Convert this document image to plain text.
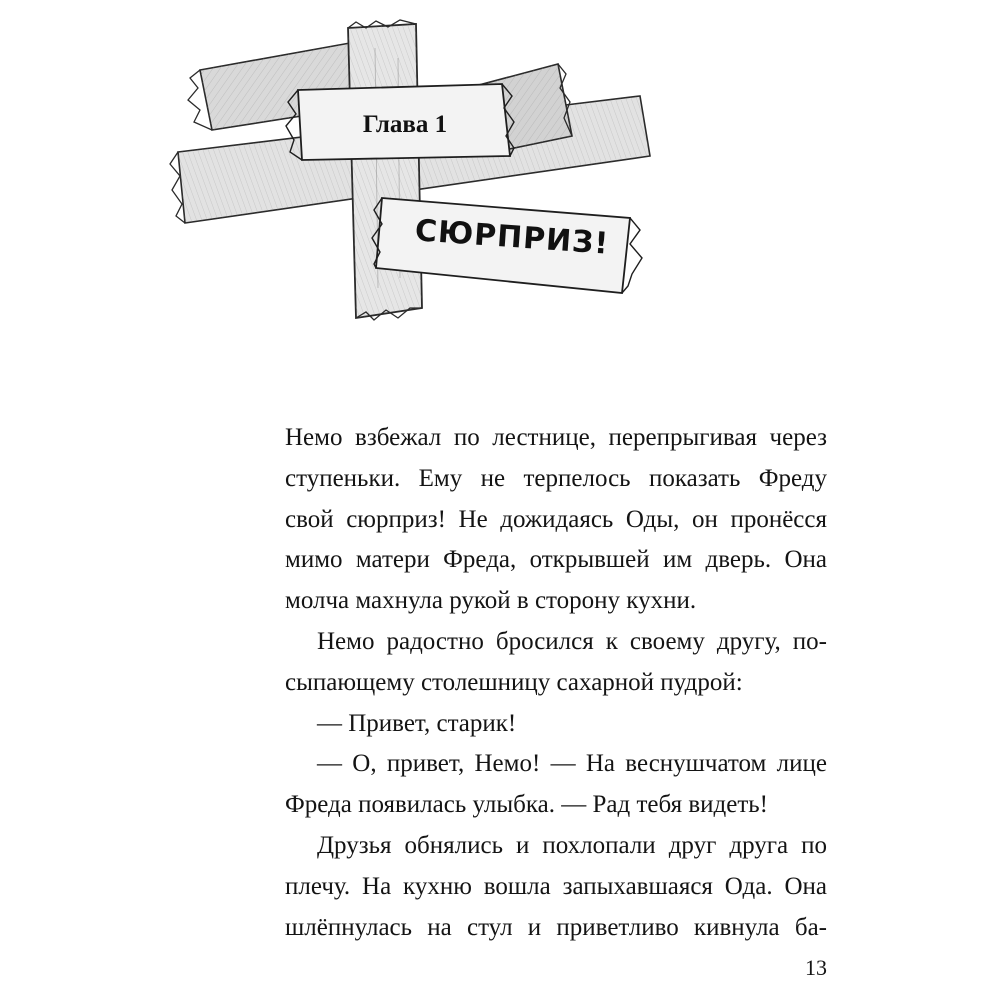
Глава 1
СЮРПРИЗ!

Немо взбежал по лестнице, перепрыгивая через

ступеньки. Ему не терпелось показать Фреду

свой сюрприз! Не дожидаясь Оды, он пронёсся

мимо матери Фреда, открывшей им дверь. Она

молча махнула рукой в сторону кухни.

Немо радостно бросился к своему другу, по-

сыпающему столешницу сахарной пудрой:

— Привет, старик!

— О, привет, Немо! — На веснушчатом лице

Фреда появилась улыбка. — Рад тебя видеть!

Друзья обнялись и похлопали друг друга по

плечу. На кухню вошла запыхавшаяся Ода. Она

шлёпнулась на стул и приветливо кивнула ба-

13
